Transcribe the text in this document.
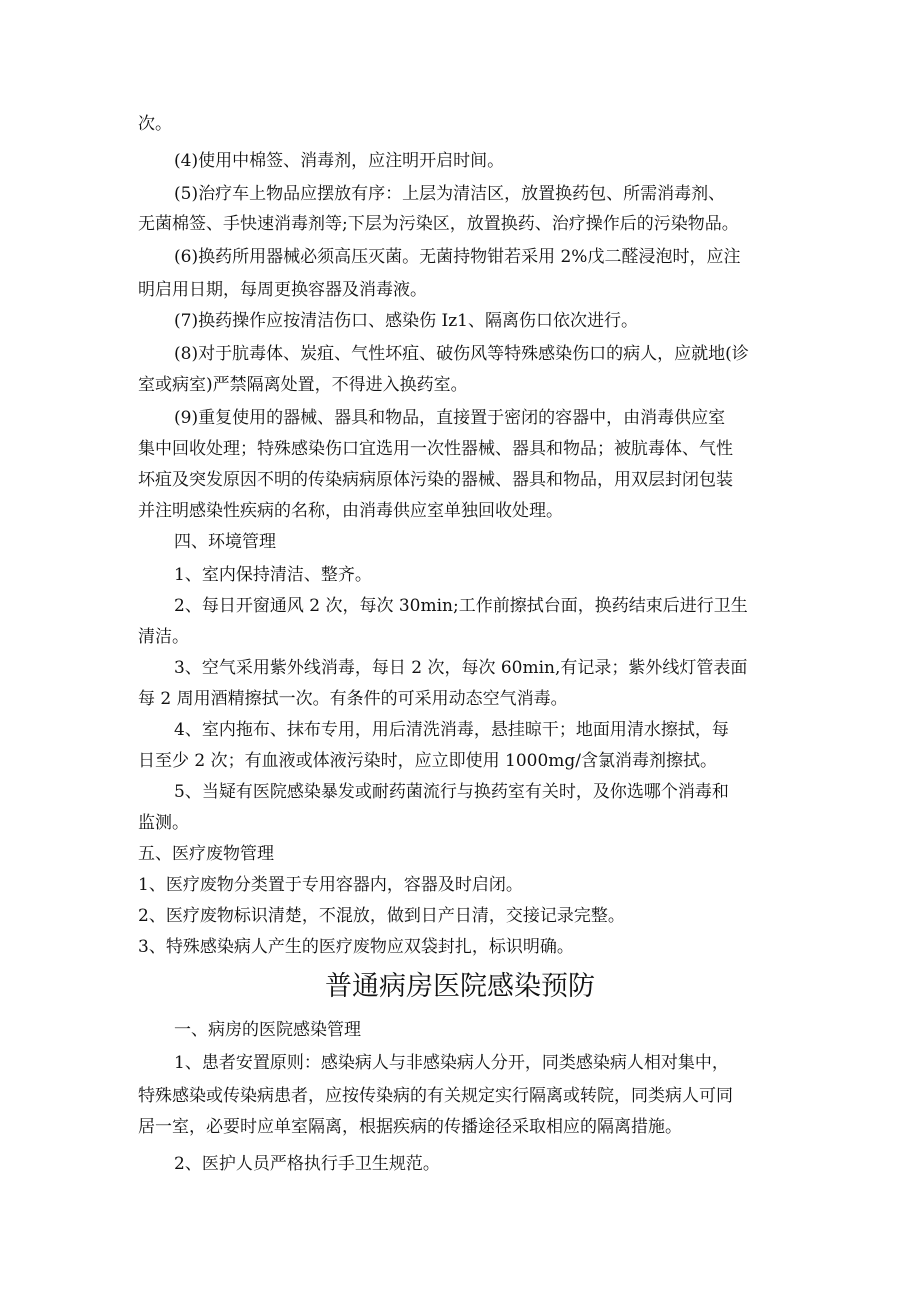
次。
(4)使用中棉签、消毒剂，应注明开启时间。
(5)治疗车上物品应摆放有序：上层为清洁区，放置换药包、所需消毒剂、
无菌棉签、手快速消毒剂等;下层为污染区，放置换药、治疗操作后的污染物品。
(6)换药所用器械必须高压灭菌。无菌持物钳若采用 2%戊二醛浸泡时，应注
明启用日期，每周更换容器及消毒液。
(7)换药操作应按清洁伤口、感染伤 Iz1、隔离伤口依次进行。
(8)对于肮毒体、炭疽、气性坏疽、破伤风等特殊感染伤口的病人，应就地(诊
室或病室)严禁隔离处置，不得进入换药室。
(9)重复使用的器械、器具和物品，直接置于密闭的容器中，由消毒供应室
集中回收处理；特殊感染伤口宜选用一次性器械、器具和物品；被肮毒体、气性
坏疽及突发原因不明的传染病病原体污染的器械、器具和物品，用双层封闭包装
并注明感染性疾病的名称，由消毒供应室单独回收处理。
四、环境管理
1、室内保持清洁、整齐。
2、每日开窗通风 2 次，每次 30min;工作前擦拭台面，换药结束后进行卫生
清洁。
3、空气采用紫外线消毒，每日 2 次，每次 60min,有记录；紫外线灯管表面
每 2 周用酒精擦拭一次。有条件的可采用动态空气消毒。
4、室内拖布、抹布专用，用后清洗消毒，悬挂晾干；地面用清水擦拭，每
日至少 2 次；有血液或体液污染时，应立即使用 1000mg/含氯消毒剂擦拭。
5、当疑有医院感染暴发或耐药菌流行与换药室有关时，及你选哪个消毒和
监测。
五、医疗废物管理
1、医疗废物分类置于专用容器内，容器及时启闭。
2、医疗废物标识清楚，不混放，做到日产日清，交接记录完整。
3、特殊感染病人产生的医疗废物应双袋封扎，标识明确。
普通病房医院感染预防
一、病房的医院感染管理
1、患者安置原则：感染病人与非感染病人分开，同类感染病人相对集中，
特殊感染或传染病患者，应按传染病的有关规定实行隔离或转院，同类病人可同
居一室，必要时应单室隔离，根据疾病的传播途径采取相应的隔离措施。
2、医护人员严格执行手卫生规范。
